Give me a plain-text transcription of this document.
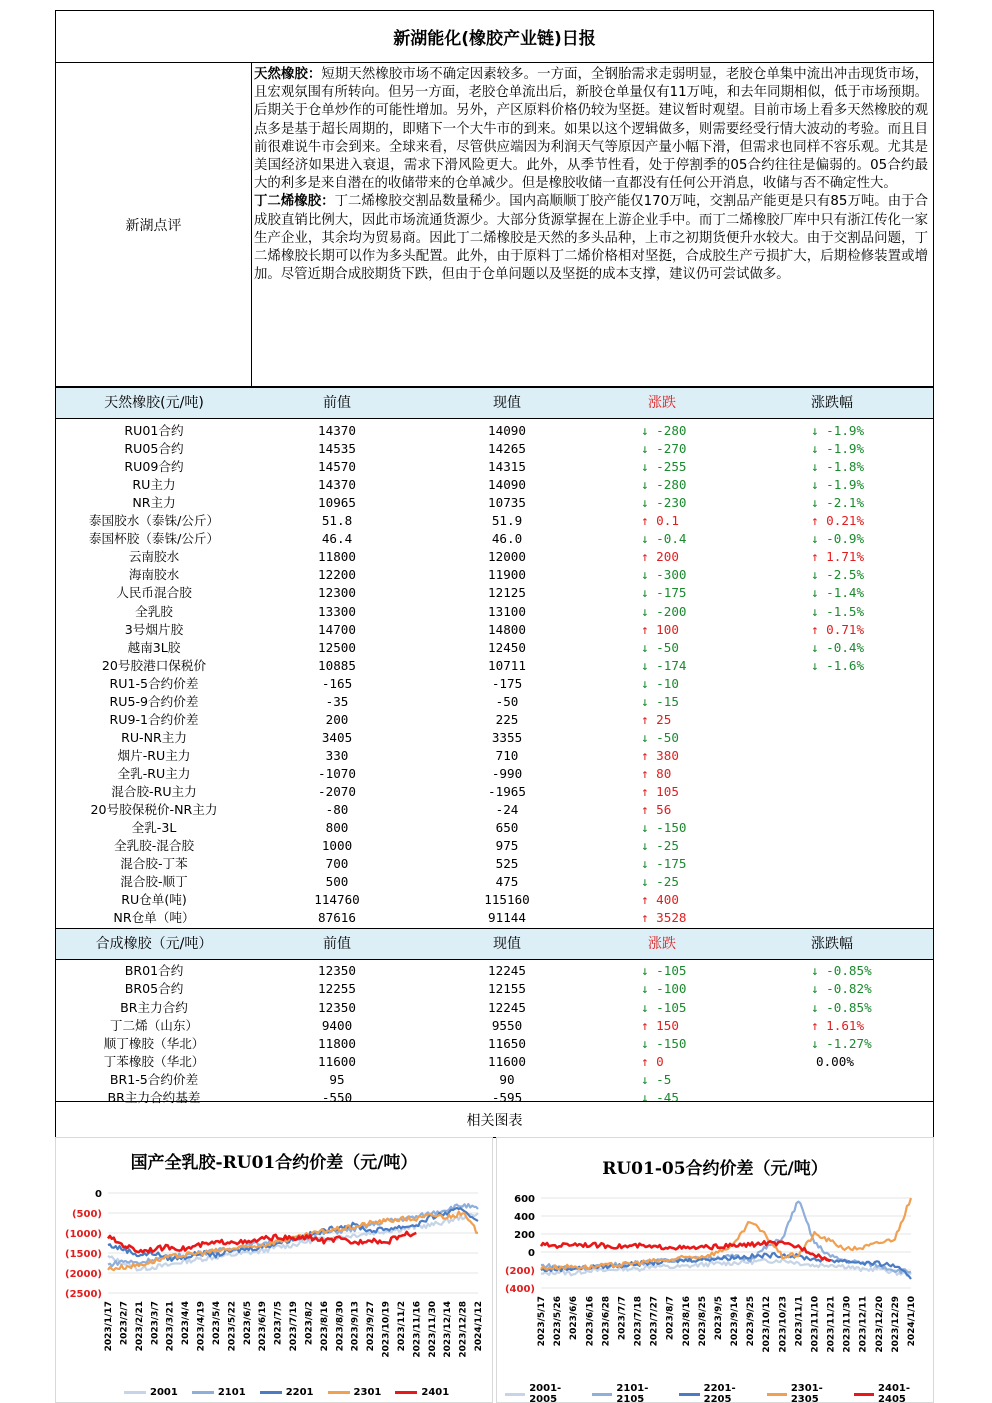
新湖能化(橡胶产业链)日报
新湖点评

天然橡胶：短期天然橡胶市场不确定因素较多。一方面，全钢胎需求走弱明显，老胶仓单集中流出冲击现货市场，且宏观氛围有所转向。但另一方面，老胶仓单流出后，新胶仓单量仅有11万吨，和去年同期相似，低于市场预期。后期关于仓单炒作的可能性增加。另外，产区原料价格仍较为坚挺。建议暂时观望。目前市场上看多天然橡胶的观点多是基于超长周期的，即赌下一个大牛市的到来。如果以这个逻辑做多，则需要经受行情大波动的考验。而且目前很难说牛市会到来。全球来看，尽管供应端因为利润天气等原因产量小幅下滑，但需求也同样不容乐观。尤其是美国经济如果进入衰退，需求下滑风险更大。此外，从季节性看，处于停割季的05合约往往是偏弱的。05合约最大的利多是来自潜在的收储带来的仓单减少。但是橡胶收储一直都没有任何公开消息，收储与否不确定性大。

丁二烯橡胶：丁二烯橡胶交割品数量稀少。国内高顺顺丁胶产能仅170万吨，交割品产能更是只有85万吨。由于合成胶直销比例大，因此市场流通货源少。大部分货源掌握在上游企业手中。而丁二烯橡胶厂库中只有浙江传化一家生产企业，其余均为贸易商。因此丁二烯橡胶是天然的多头品种，上市之初期货便升水较大。由于交割品问题，丁二烯橡胶长期可以作为多头配置。此外，由于原料丁二烯价格相对坚挺，合成胶生产亏损扩大，后期检修装置或增加。尽管近期合成胶期货下跌，但由于仓单问题以及坚挺的成本支撑，建议仍可尝试做多。

天然橡胶(元/吨)	前值	现值	涨跌	涨跌幅
RU01合约	14370	14090	↓ -280	↓ -1.9%
RU05合约	14535	14265	↓ -270	↓ -1.9%
RU09合约	14570	14315	↓ -255	↓ -1.8%
RU主力	14370	14090	↓ -280	↓ -1.9%
NR主力	10965	10735	↓ -230	↓ -2.1%
泰国胶水（泰铢/公斤）	51.8	51.9	↑ 0.1	↑ 0.21%
泰国杯胶（泰铢/公斤）	46.4	46.0	↓ -0.4	↓ -0.9%
云南胶水	11800	12000	↑ 200	↑ 1.71%
海南胶水	12200	11900	↓ -300	↓ -2.5%
人民币混合胶	12300	12125	↓ -175	↓ -1.4%
全乳胶	13300	13100	↓ -200	↓ -1.5%
3号烟片胶	14700	14800	↑ 100	↑ 0.71%
越南3L胶	12500	12450	↓ -50	↓ -0.4%
20号胶港口保税价	10885	10711	↓ -174	↓ -1.6%
RU1-5合约价差	-165	-175	↓ -10
RU5-9合约价差	-35	-50	↓ -15
RU9-1合约价差	200	225	↑ 25
RU-NR主力	3405	3355	↓ -50
烟片-RU主力	330	710	↑ 380
全乳-RU主力	-1070	-990	↑ 80
混合胶-RU主力	-2070	-1965	↑ 105
20号胶保税价-NR主力	-80	-24	↑ 56
全乳-3L	800	650	↓ -150
全乳胶-混合胶	1000	975	↓ -25
混合胶-丁苯	700	525	↓ -175
混合胶-顺丁	500	475	↓ -25
RU仓单(吨)	114760	115160	↑ 400
NR仓单（吨）	87616	91144	↑ 3528
合成橡胶（元/吨）	前值	现值	涨跌	涨跌幅
BR01合约	12350	12245	↓ -105	↓ -0.85%
BR05合约	12255	12155	↓ -100	↓ -0.82%
BR主力合约	12350	12245	↓ -105	↓ -0.85%
丁二烯（山东）	9400	9550	↑ 150	↑ 1.61%
顺丁橡胶（华北）	11800	11650	↓ -150	↓ -1.27%
丁苯橡胶（华北）	11600	11600	↑ 0	0.00%
BR1-5合约价差	95	90	↓ -5
BR主力合约基差	-550	-595	↓ -45
相关图表
国产全乳胶-RU01合约价差（元/吨）
0
(500)
(1000)
(1500)
(2000)
(2500)
2023/1/17 2023/2/7 2023/2/21 2023/3/7 2023/3/21 2023/4/4 2023/4/19 2023/5/4 2023/5/22 2023/6/5 2023/6/19 2023/7/5 2023/7/19 2023/8/2 2023/8/16 2023/8/30 2023/9/13 2023/9/27 2023/10/19 2023/11/2 2023/11/16 2023/11/30 2023/12/14 2023/12/28 2024/1/12
2001	2101	2201	2301	2401
RU01-05合约价差（元/吨）
600
400
200
0
(200)
(400)
2023/5/17 2023/5/26 2023/6/6 2023/6/16 2023/6/28 2023/7/7 2023/7/18 2023/7/27 2023/8/7 2023/8/16 2023/8/25 2023/9/5 2023/9/14 2023/9/25 2023/10/12 2023/10/23 2023/11/1 2023/11/10 2023/11/21 2023/11/30 2023/12/11 2023/12/20 2023/12/29 2024/1/10
2001-2005
2101-2105
2201-2205
2301-2305
2401-2405
